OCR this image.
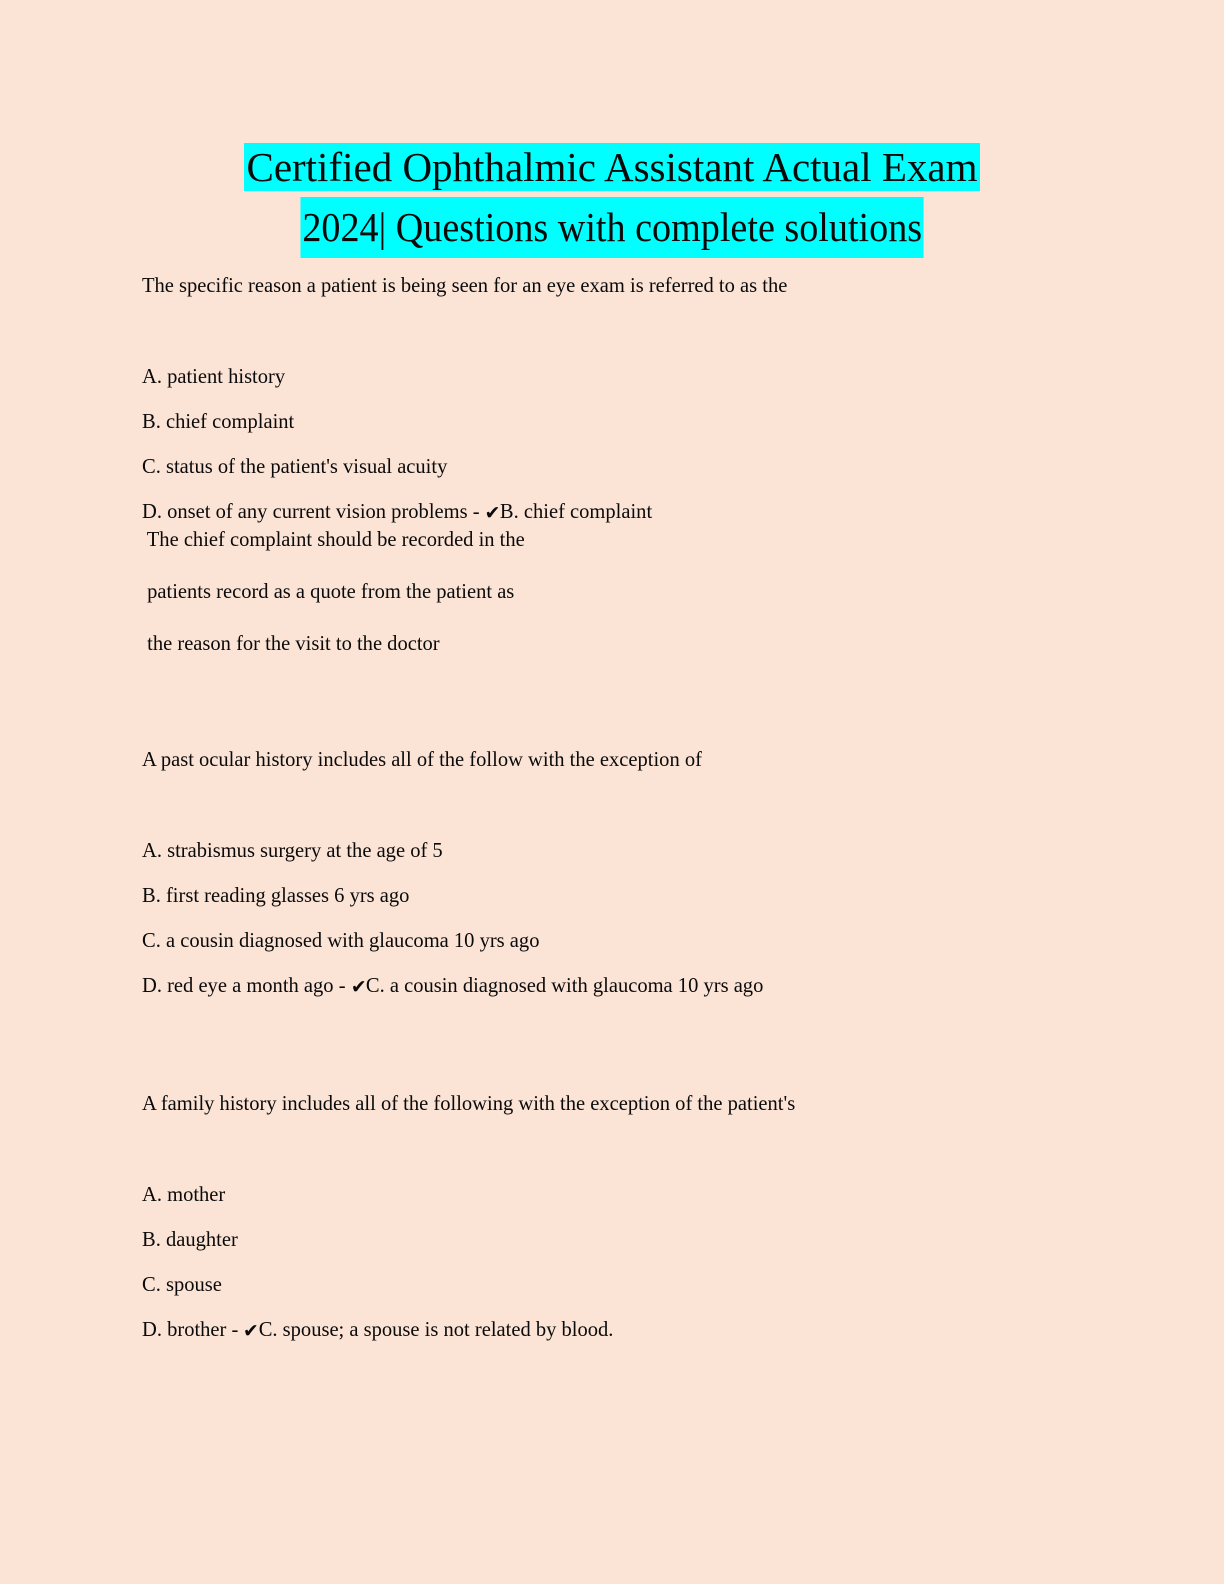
Certified Ophthalmic Assistant Actual Exam
2024| Questions with complete solutions

The specific reason a patient is being seen for an eye exam is referred to as the

A. patient history
B. chief complaint
C. status of the patient's visual acuity
D. onset of any current vision problems - ✔B. chief complaint
The chief complaint should be recorded in the
patients record as a quote from the patient as
the reason for the visit to the doctor

A past ocular history includes all of the follow with the exception of

A. strabismus surgery at the age of 5
B. first reading glasses 6 yrs ago
C. a cousin diagnosed with glaucoma 10 yrs ago
D. red eye a month ago - ✔C. a cousin diagnosed with glaucoma 10 yrs ago

A family history includes all of the following with the exception of the patient's

A. mother
B. daughter
C. spouse
D. brother - ✔C. spouse; a spouse is not related by blood.
